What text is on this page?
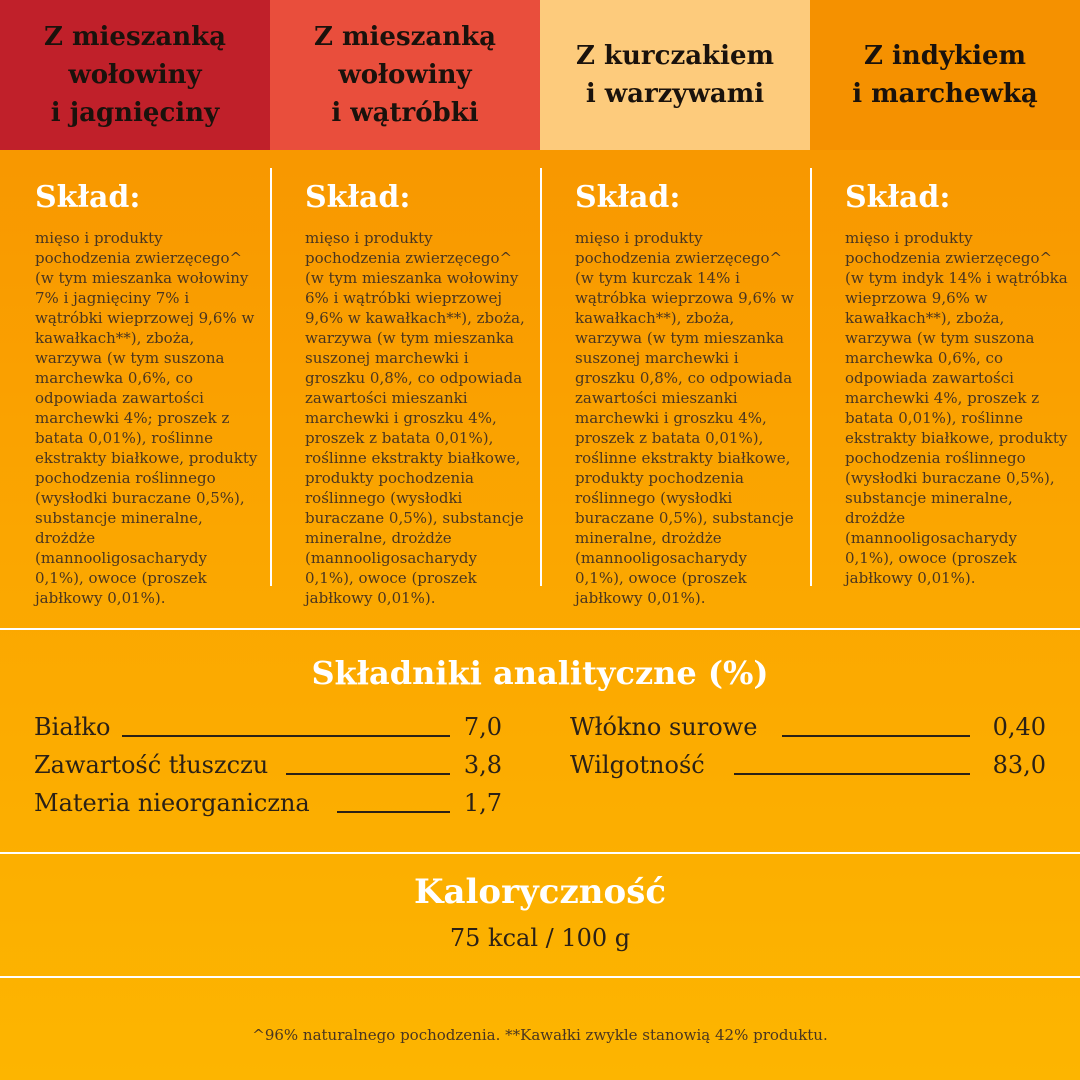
Z mieszanką
wołowiny
i jagnięciny
Z mieszanką
wołowiny
i wątróbki
Z kurczakiem
i warzywami
Z indykiem
i marchewką
Skład:

mięso i produkty pochodzenia zwierzęcego^ (w tym mieszanka wołowiny 7% i jagnięciny 7% i wątróbki wieprzowej 9,6% w kawałkach**), zboża, warzywa (w tym suszona marchewka 0,6%, co odpowiada zawartości marchewki 4%; proszek z batata 0,01%), roślinne ekstrakty białkowe, produkty pochodzenia roślinnego (wysłodki buraczane 0,5%), substancje mineralne, drożdże (mannooligosacharydy 0,1%), owoce (proszek jabłkowy 0,01%).

Skład:

mięso i produkty pochodzenia zwierzęcego^ (w tym mieszanka wołowiny 6% i wątróbki wieprzowej 9,6% w kawałkach**), zboża, warzywa (w tym mieszanka suszonej marchewki i groszku 0,8%, co odpowiada zawartości mieszanki marchewki i groszku 4%, proszek z batata 0,01%), roślinne ekstrakty białkowe, produkty pochodzenia roślinnego (wysłodki buraczane 0,5%), substancje mineralne, drożdże (mannooligosacharydy 0,1%), owoce (proszek jabłkowy 0,01%).

Skład:

mięso i produkty pochodzenia zwierzęcego^ (w tym kurczak 14% i wątróbka wieprzowa 9,6% w kawałkach**), zboża, warzywa (w tym mieszanka suszonej marchewki i groszku 0,8%, co odpowiada zawartości mieszanki marchewki i groszku 4%, proszek z batata 0,01%), roślinne ekstrakty białkowe, produkty pochodzenia roślinnego (wysłodki buraczane 0,5%), substancje mineralne, drożdże (mannooligosacharydy 0,1%), owoce (proszek jabłkowy 0,01%).

Skład:

mięso i produkty pochodzenia zwierzęcego^ (w tym indyk 14% i wątróbka wieprzowa 9,6% w kawałkach**), zboża, warzywa (w tym suszona marchewka 0,6%, co odpowiada zawartości marchewki 4%, proszek z batata 0,01%), roślinne ekstrakty białkowe, produkty pochodzenia roślinnego (wysłodki buraczane 0,5%), substancje mineralne, drożdże (mannooligosacharydy 0,1%), owoce (proszek jabłkowy 0,01%).

Składniki analityczne (%)
Białko	7,0
Zawartość tłuszczu	3,8
Materia nieorganiczna	1,7
Włókno surowe	0,40
Wilgotność	83,0
Kaloryczność
75 kcal / 100 g
^96% naturalnego pochodzenia. **Kawałki zwykle stanowią 42% produktu.
